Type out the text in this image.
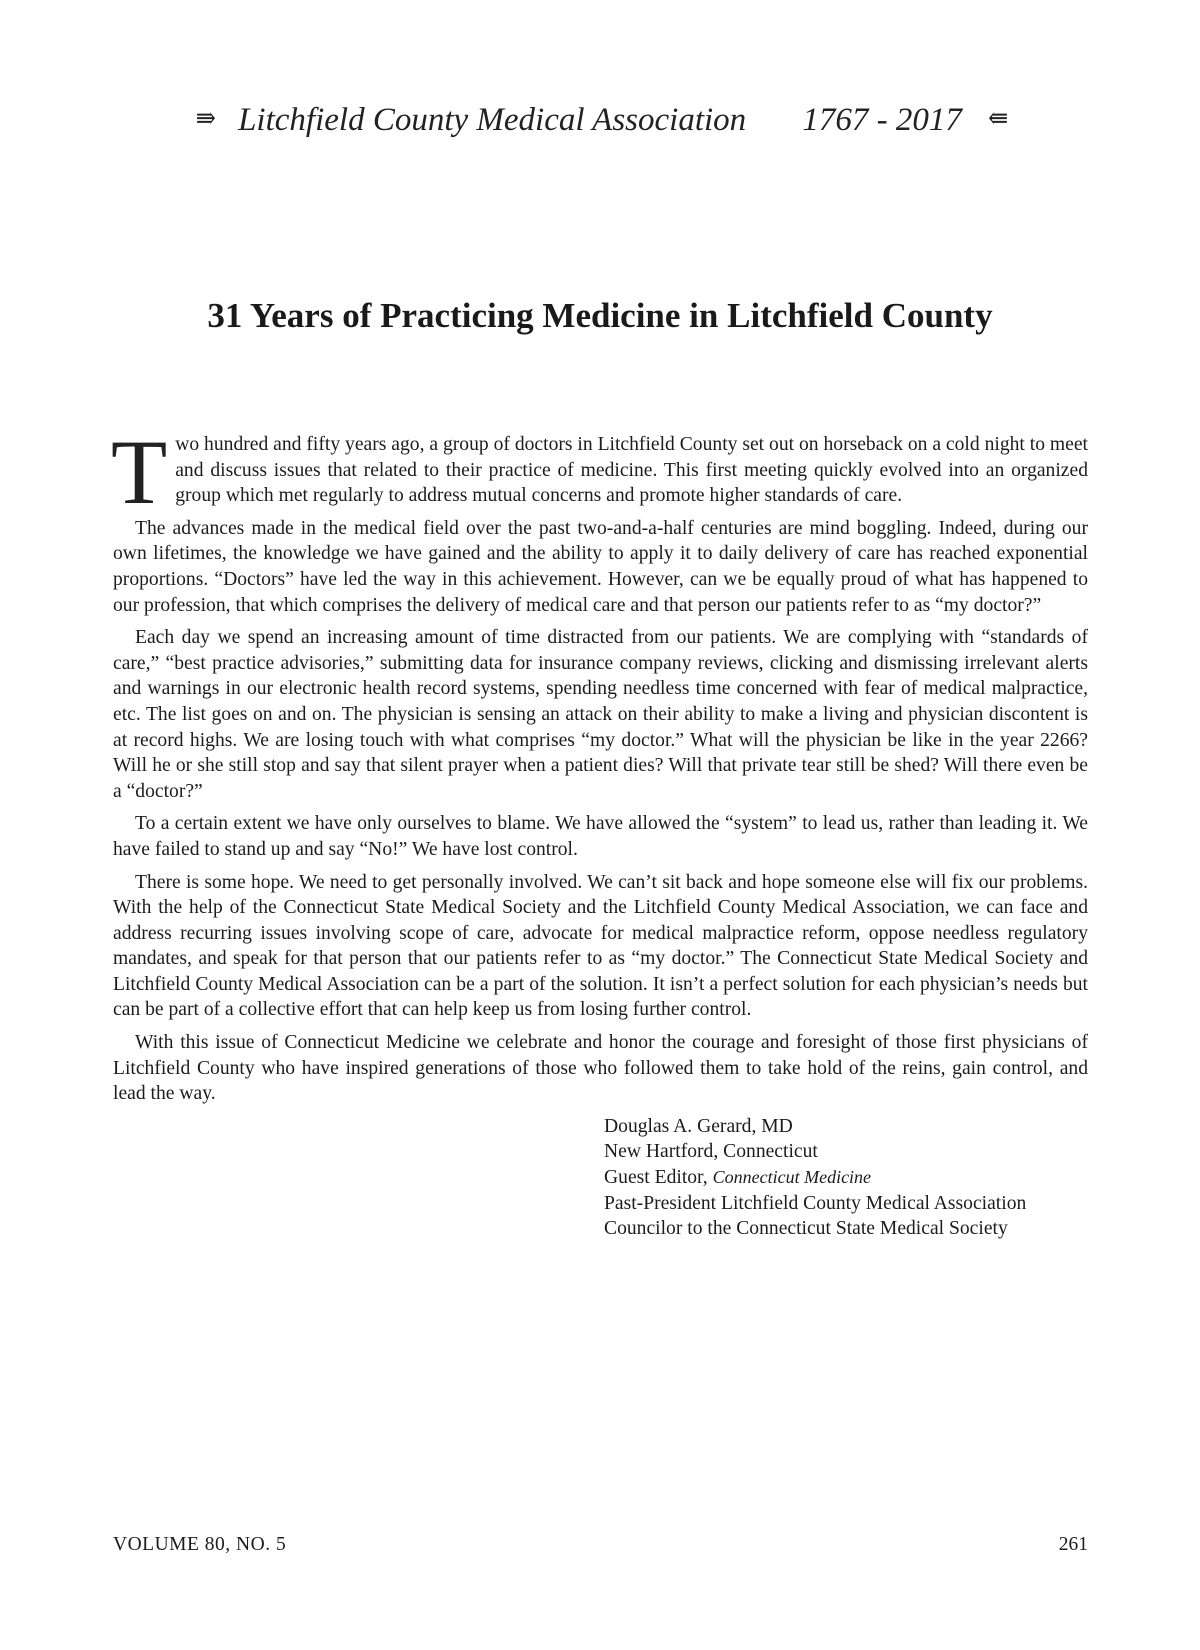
⇛ Litchfield County Medical Association 1767 - 2017 ⇚
31 Years of Practicing Medicine in Litchfield County

Two hundred and fifty years ago, a group of doctors in Litchfield County set out on horseback on a cold night to meet and discuss issues that related to their practice of medicine. This first meeting quickly evolved into an organized group which met regularly to address mutual concerns and promote higher standards of care.

The advances made in the medical field over the past two-and-a-half centuries are mind boggling. Indeed, during our own lifetimes, the knowledge we have gained and the ability to apply it to daily delivery of care has reached exponential proportions. “Doctors” have led the way in this achievement. However, can we be equally proud of what has happened to our profession, that which comprises the delivery of medical care and that person our patients refer to as “my doctor?”

Each day we spend an increasing amount of time distracted from our patients. We are complying with “standards of care,” “best practice advisories,” submitting data for insurance company reviews, clicking and dismissing irrelevant alerts and warnings in our electronic health record systems, spending needless time concerned with fear of medical malpractice, etc. The list goes on and on. The physician is sensing an attack on their ability to make a living and physician discontent is at record highs. We are losing touch with what comprises “my doctor.” What will the physician be like in the year 2266? Will he or she still stop and say that silent prayer when a patient dies? Will that private tear still be shed? Will there even be a “doctor?”

To a certain extent we have only ourselves to blame. We have allowed the “system” to lead us, rather than leading it. We have failed to stand up and say “No!” We have lost control.

There is some hope. We need to get personally involved. We can’t sit back and hope someone else will fix our problems. With the help of the Connecticut State Medical Society and the Litchfield County Medical Association, we can face and address recurring issues involving scope of care, advocate for medical malpractice reform, oppose needless regulatory mandates, and speak for that person that our patients refer to as “my doctor.” The Connecticut State Medical Society and Litchfield County Medical Association can be a part of the solution. It isn’t a perfect solution for each physician’s needs but can be part of a collective effort that can help keep us from losing further control.

With this issue of Connecticut Medicine we celebrate and honor the courage and foresight of those first physicians of Litchfield County who have inspired generations of those who followed them to take hold of the reins, gain control, and lead the way.

Douglas A. Gerard, MD
New Hartford, Connecticut
Guest Editor, Connecticut Medicine
Past-President Litchfield County Medical Association
Councilor to the Connecticut State Medical Society
VOLUME 80, NO. 5	261
